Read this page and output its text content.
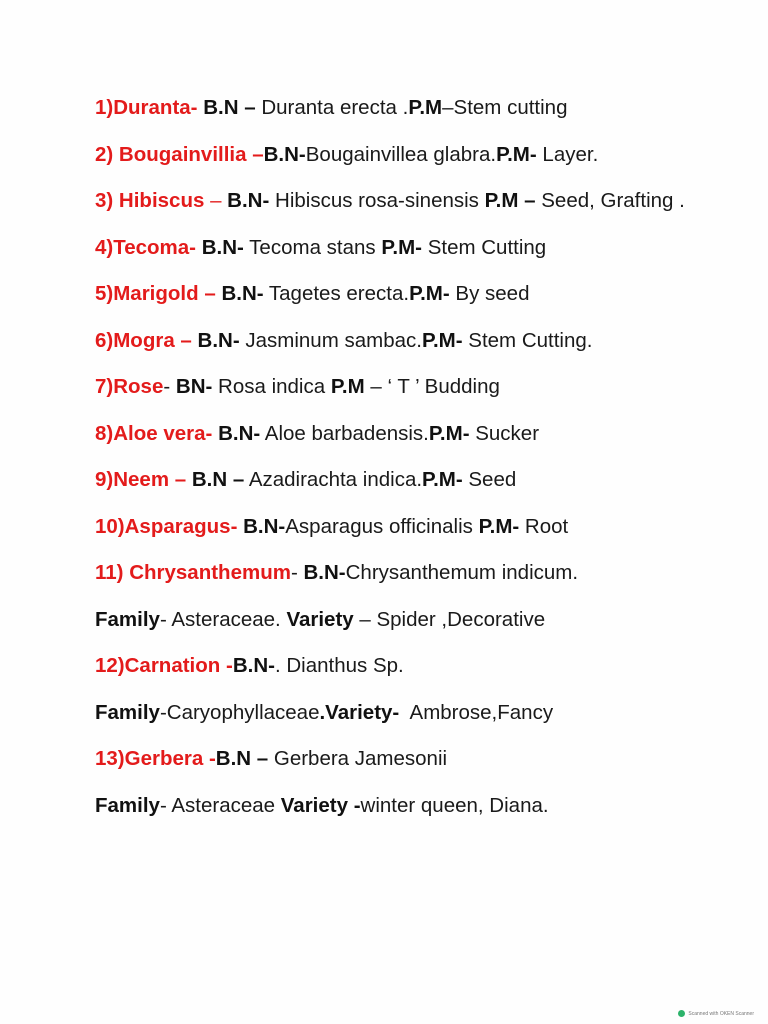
1)Duranta- B.N – Duranta erecta .P.M–Stem cutting
2) Bougainvillia –B.N-Bougainvillea glabra.P.M- Layer.
3) Hibiscus – B.N- Hibiscus rosa-sinensis P.M – Seed, Grafting .
4)Tecoma- B.N- Tecoma stans P.M- Stem Cutting
5)Marigold – B.N- Tagetes erecta.P.M- By seed
6)Mogra – B.N- Jasminum sambac.P.M- Stem Cutting.
7)Rose- BN- Rosa indica P.M – ‘ T ’ Budding
8)Aloe vera- B.N- Aloe barbadensis.P.M- Sucker
9)Neem – B.N – Azadirachta indica.P.M- Seed
10)Asparagus- B.N-Asparagus officinalis P.M- Root
11) Chrysanthemum- B.N-Chrysanthemum indicum.
Family- Asteraceae. Variety – Spider ,Decorative
12)Carnation -B.N-. Dianthus Sp.
Family-Caryophyllaceae.Variety-  Ambrose,Fancy
13)Gerbera -B.N – Gerbera Jamesonii
Family- Asteraceae Variety -winter queen, Diana.
Scanned with OKEN Scanner
